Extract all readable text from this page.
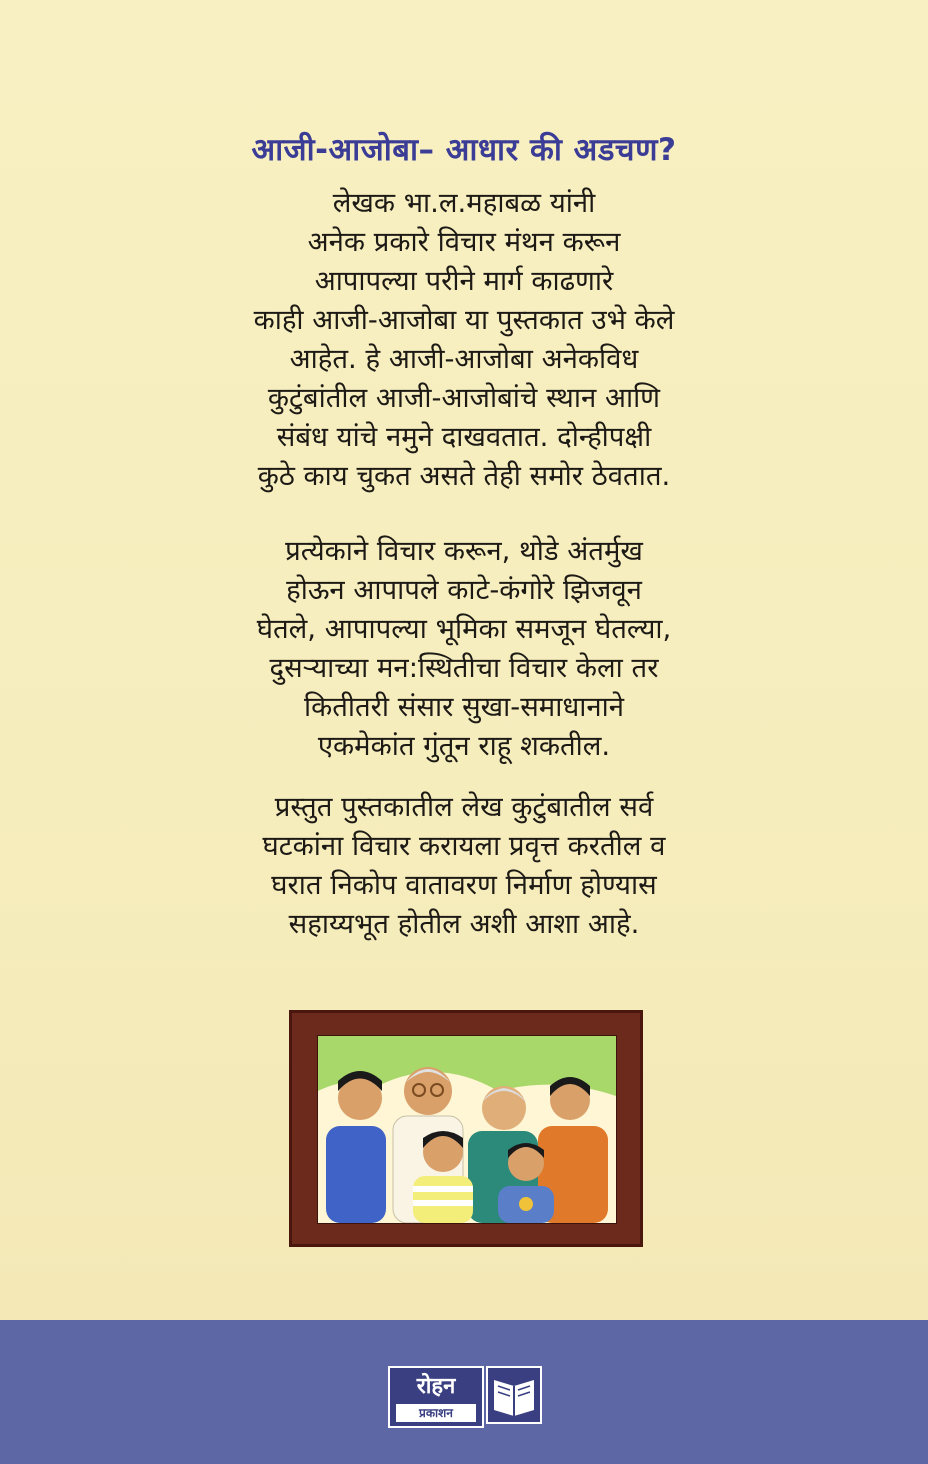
आजी-आजोबा– आधार की अडचण?
लेखक भा.ल.महाबळ यांनी
अनेक प्रकारे विचार मंथन करून
आपापल्या परीने मार्ग काढणारे
काही आजी-आजोबा या पुस्तकात उभे केले
आहेत. हे आजी-आजोबा अनेकविध
कुटुंबांतील आजी-आजोबांचे स्थान आणि
संबंध यांचे नमुने दाखवतात. दोन्हीपक्षी
कुठे काय चुकत असते तेही समोर ठेवतात.
प्रत्येकाने विचार करून, थोडे अंतर्मुख
होऊन आपापले काटे-कंगोरे झिजवून
घेतले, आपापल्या भूमिका समजून घेतल्या,
दुसऱ्याच्या मन:स्थितीचा विचार केला तर
कितीतरी संसार सुखा-समाधानाने
एकमेकांत गुंतून राहू शकतील.
प्रस्तुत पुस्तकातील लेख कुटुंबातील सर्व
घटकांना विचार करायला प्रवृत्त करतील व
घरात निकोप वातावरण निर्माण होण्यास
सहाय्यभूत होतील अशी आशा आहे.
रोहन
प्रकाशन
